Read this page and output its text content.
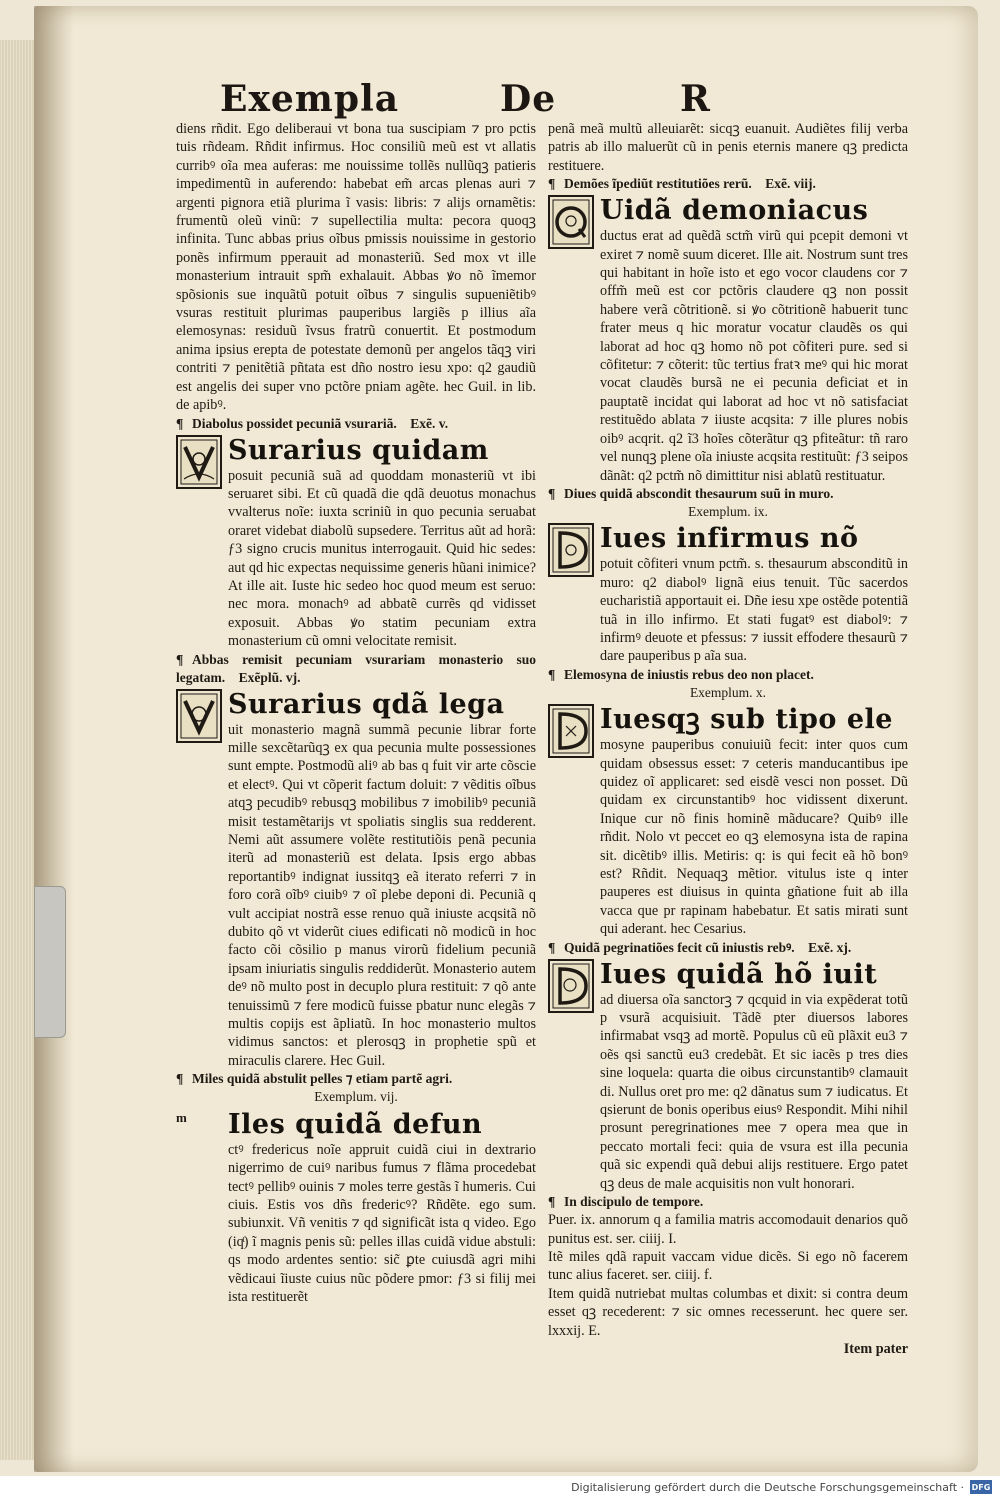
Exempla	De	R

diens rñdit. Ego deliberaui vt bona tua suscipiam ⁊ pro pctis tuis rñdeam. Rñdit infirmus. Hoc consiliũ meũ est vt allatis curribꝰ oĩa mea auferas: me nouissime tollẽs nullũqꝫ patieris impedimentũ in auferendo: habebat em̃ arcas plenas auri ⁊ argenti pignora etiã plurima ĩ vasis: libris: ⁊ alijs ornamẽtis: frumentũ oleũ vinũ: ⁊ supellectilia multa: pecora quoqꝫ infinita. Tunc abbas prius oĩbus pmissis nouissime in gestorio ponẽs infirmum pperauit ad monasteriũ. Sed mox vt ille monasterium intrauit spm̃ exhalauit. Abbas ꝟo nõ ĩmemor spõsionis sue inquãtũ potuit oĩbus ⁊ singulis supueniẽtibꝰ vsuras restituit plurimas pauperibus largiẽs p illius aĩa elemosynas: residuũ ĩvsus fratrũ conuertit. Et postmodum anima ipsius erepta de potestate demonũ per angelos tãqꝫ viri contriti ⁊ penitẽtiã pñtata est dño nostro iesu xpo: q2 gaudiũ est angelis dei super vno pctõre pniam agẽte. hec Guil. in lib. de apibꝰ.

¶ Diabolus possidet pecuniã vsurariã. Exẽ. v.

Surarius quidam

posuit pecuniã suã ad quoddam monasteriũ vt ibi seruaret sibi. Et cũ quadã die qdã deuotus monachus vvalterus noĩe: iuxta scriniũ in quo pecunia seruabat oraret videbat diabolũ supsedere. Territus aũt ad horã: ƒ3 signo crucis munitus interrogauit. Quid hic sedes: aut qd hic expectas nequissime generis hũani inimice? At ille ait. Iuste hic sedeo hoc quod meum est seruo: nec mora. monachꝰ ad abbatẽ currẽs qd vidisset exposuit. Abbas ꝟo statim pecuniam extra monasterium cũ omni velocitate remisit.

¶ Abbas remisit pecuniam vsurariam monasterio suo legatam. Exẽplũ. vj.

Surarius qdã lega

uit monasterio magnã summã pecunie librar forte mille sexcẽtarũqꝫ ex qua pecunia multe possessiones sunt empte. Postmodũ aliꝰ ab bas q fuit vir arte cõscie et electꝰ. Qui vt cõperit factum doluit: ⁊ vẽditis oĩbus atqꝫ pecudibꝰ rebusqꝫ mobilibus ⁊ imobilibꝰ pecuniã misit testamẽtarijs vt spoliatis singlis sua redderent. Nemi aũt assumere volẽte restitutiõis penã pecunia iterũ ad monasteriũ est delata. Ipsis ergo abbas reportantibꝰ indignat iussitqꝫ eã iterato referri ⁊ in foro corã oĩbꝰ ciuibꝰ ⁊ oĩ plebe deponi di. Pecuniã q vult accipiat nostrã esse renuo quã iniuste acqsitã nõ dubito qõ vt viderũt ciues edificati nõ modicũ in hoc facto cõi cõsilio p manus virorũ fidelium pecuniã ipsam iniuriatis singulis reddiderũt. Monasterio autem deꝰ nõ multo post in decuplo plura restituit: ⁊ qõ ante tenuissimũ ⁊ fere modicũ fuisse pbatur nunc elegãs ⁊ multis copijs est ãpliatũ. In hoc monasterio multos vidimus sanctos: et plerosqꝫ in prophetie spũ et miraculis clarere. Hec Guil.

¶ Miles quidã abstulit pelles ⁊ etiam partẽ agri.

Exemplum. vij.

m	Iles quidã defun

ctꝰ fredericus noĩe appruit cuidã ciui in dextrario nigerrimo de cuiꝰ naribus fumus ⁊ flãma procedebat tectꝰ pellibꝰ ouinis ⁊ moles terre gestãs ĩ humeris. Cui ciuis. Estis vos dñs fredericꝰ? Rñdẽte. ego sum. subiunxit. Vñ venitis ⁊ qd significãt ista q video. Ego (iqͭ) ĩ magnis penis sũ: pelles illas cuidã vidue abstuli: qs modo ardentes sentio: sic̃ ꝑte cuiusdã agri mihi vẽdicaui ĩiuste cuius nũc põdere pmor: ƒ3 si filij mei ista restituerẽt

penã meã multũ alleuiarẽt: sicqꝫ euanuit. Audiẽtes filij verba patris ab illo maluerũt cũ in penis eternis manere qꝫ predicta restituere.

¶ Demões ĩpediũt restitutiões rerũ. Exẽ. viij.

Uidã demoniacus

ductus erat ad quẽdã sctm̃ virũ qui pcepit demoni vt exiret ⁊ nomẽ suum diceret. Ille ait. Nostrum sunt tres qui habitant in hoĩe isto et ego vocor claudens cor ⁊ offm̃ meũ est cor pctõris claudere qꝫ non possit habere verã cõtritionẽ. si ꝟo cõtritionẽ habuerit tunc frater meus q hic moratur vocatur claudẽs os qui laborat ad hoc qꝫ homo nõ pot cõfiteri pure. sed si cõfitetur: ⁊ cõterit: tũc tertius fratꝛ meꝰ qui hic morat vocat claudẽs bursã ne ei pecunia deficiat et in pauptatẽ incidat qui laborat ad hoc vt nõ satisfaciat restituẽdo ablata ⁊ iiuste acqsita: ⁊ ille plures nobis oibꝰ acqrit. q2 ĩ3 hoĩes cõterãtur qꝫ pfiteãtur: tñ raro vel nunqꝫ plene oĩa iniuste acqsita restituũt: ƒ3 seipos dãnãt: q2 pctm̃ nõ dimittitur nisi ablatũ restituatur.

¶ Diues quidã abscondit thesaurum suũ in muro.

Exemplum. ix.

Iues infirmus nõ

potuit cõfiteri vnum pctm̃. s. thesaurum absconditũ in muro: q2 diabolꝰ lignã eius tenuit. Tũc sacerdos eucharistiã apportauit ei. Dñe iesu xpe ostẽde potentiã tuã in illo infirmo. Et stati fugatꝰ est diabolꝰ: ⁊ infirmꝰ deuote et pfessus: ⁊ iussit effodere thesaurũ ⁊ dare pauperibus p aĩa sua.

¶ Elemosyna de iniustis rebus deo non placet.

Exemplum. x.

Iuesqꝫ sub tipo ele

mosyne pauperibus conuiuiũ fecit: inter quos cum quidam obsessus esset: ⁊ ceteris manducantibus ipe quidez oĩ applicaret: sed eisdẽ vesci non posset. Dũ quidam ex circunstantibꝰ hoc vidissent dixerunt. Inique cur nõ finis hominẽ mãducare? Quibꝰ ille rñdit. Nolo vt peccet eo qꝫ elemosyna ista de rapina sit. dicẽtibꝰ illis. Metiris: q: is qui fecit eã hõ bonꝰ est? Rñdit. Nequaqꝫ mẽtior. vitulus iste q inter pauperes est diuisus in quinta gñatione fuit ab illa vacca que pr rapinam habebatur. Et satis mirati sunt qui aderant. hec Cesarius.

¶ Quidã pegrinatiões fecit cũ iniustis rebꝰ. Exẽ. xj.

Iues quidã hõ iuit

ad diuersa oĩa sanctorꝫ ⁊ qcquid in via expẽderat totũ p vsurã acquisiuit. Tãdẽ pter diuersos labores infirmabat vsqꝫ ad mortẽ. Populus cũ eũ plãxit eu3 ⁊ oẽs qsi sanctũ eu3 credebãt. Et sic iacẽs p tres dies sine loquela: quarta die oibus circunstantibꝰ clamauit di. Nullus oret pro me: q2 dãnatus sum ⁊ iudicatus. Et qsierunt de bonis operibus eiusꝰ Respondit. Mihi nihil prosunt peregrinationes mee ⁊ opera mea que in peccato mortali feci: quia de vsura est illa pecunia quã sic expendi quã debui alijs restituere. Ergo patet qꝫ deus de male acquisitis non vult honorari.

¶ In discipulo de tempore.

Puer. ix. annorum q a familia matris accomodauit denarios quõ punitus est. ser. ciiij. I.

Itẽ miles qdã rapuit vaccam vidue dicẽs. Si ego nõ facerem tunc alius faceret. ser. ciiij. f.

Item quidã nutriebat multas columbas et dixit: si contra deum esset qꝫ recederent: ⁊ sic omnes recesserunt. hec quere ser. lxxxij. E.

Item pater

Digitalisierung gefördert durch die Deutsche Forschungsgemeinschaft · DFG
